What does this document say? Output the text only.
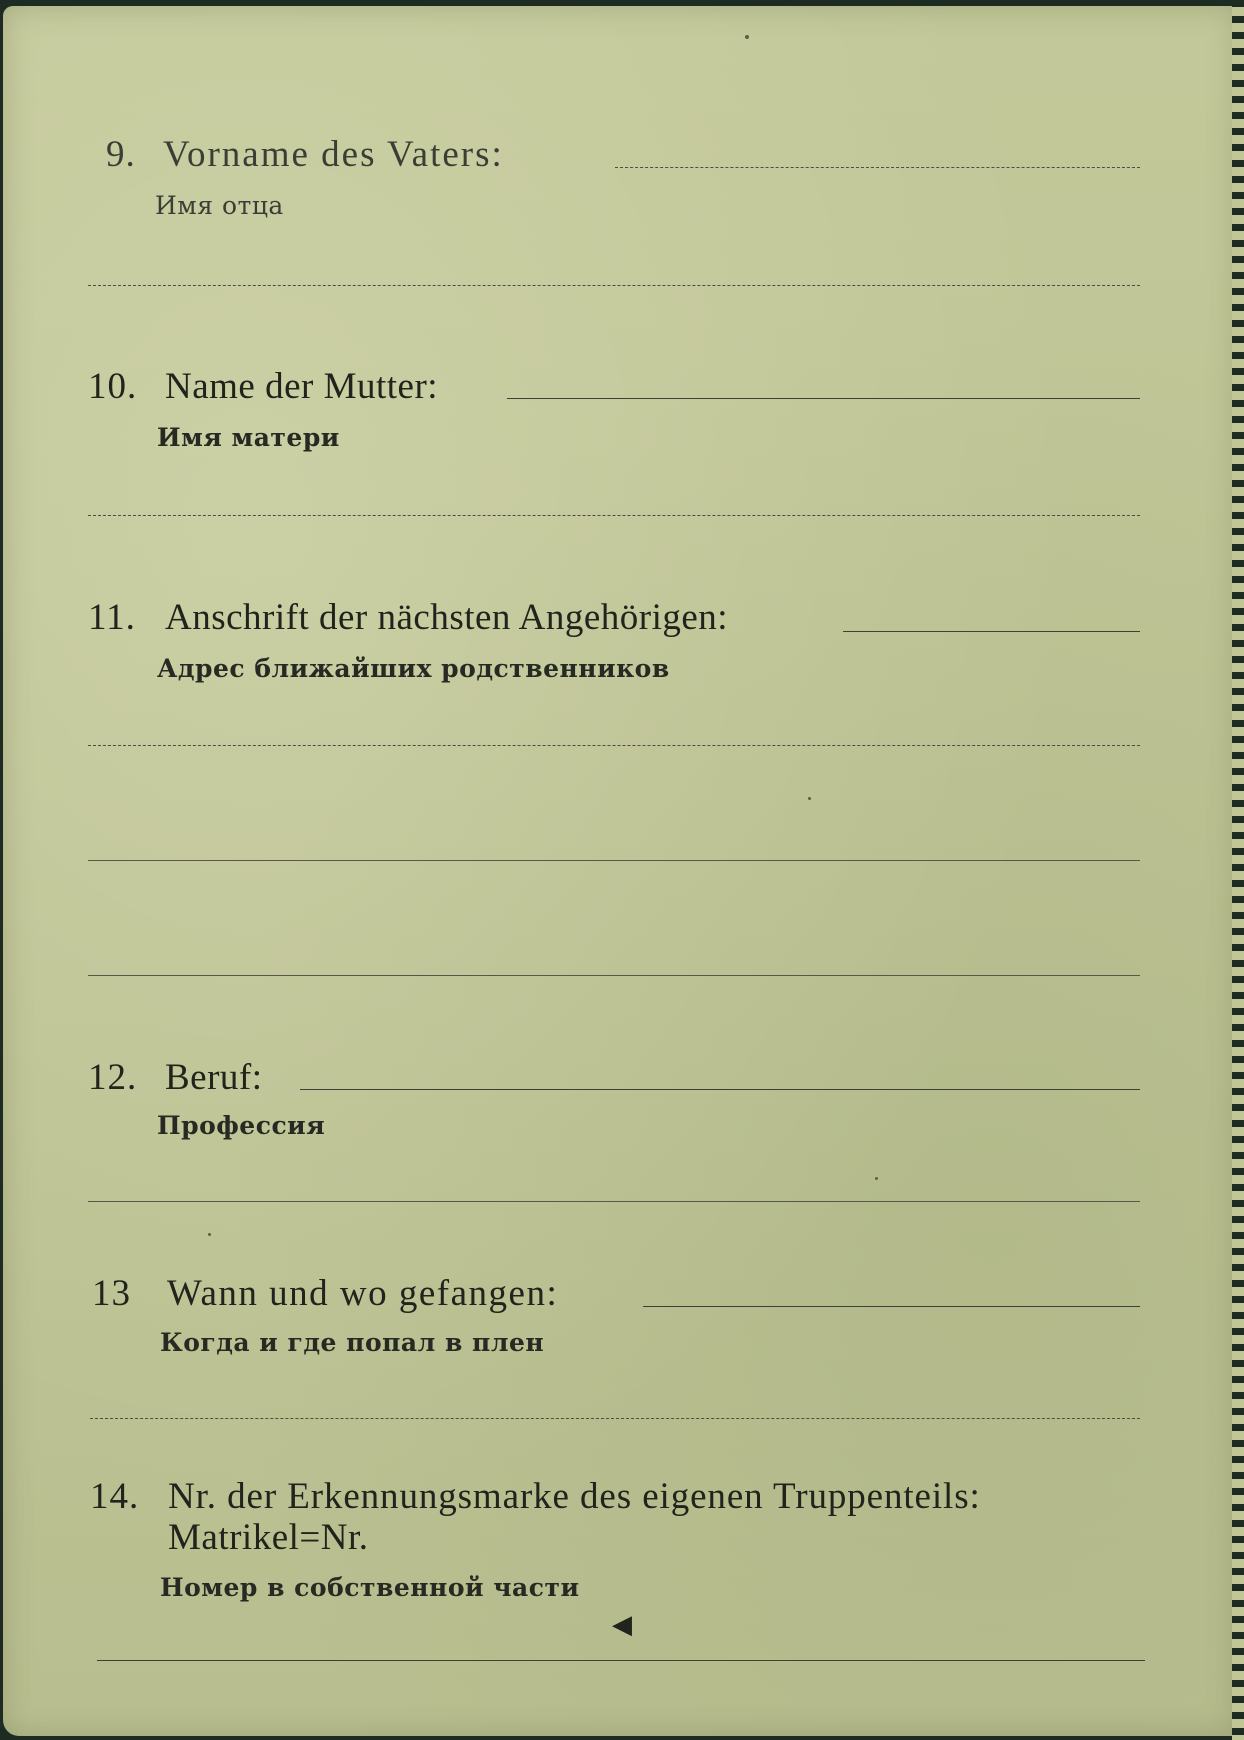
9. Vorname des Vaters:
Имя отца
10. Name der Mutter:
Имя матери
11. Anschrift der nächsten Angehörigen:
Адрес ближайших родственников
12. Beruf:
Профессия
13 Wann und wo gefangen:
Когда и где попал в плен
14. Nr. der Erkennungsmarke des eigenen Truppenteils:
Matrikel=Nr.
Номер в собственной части
◀
